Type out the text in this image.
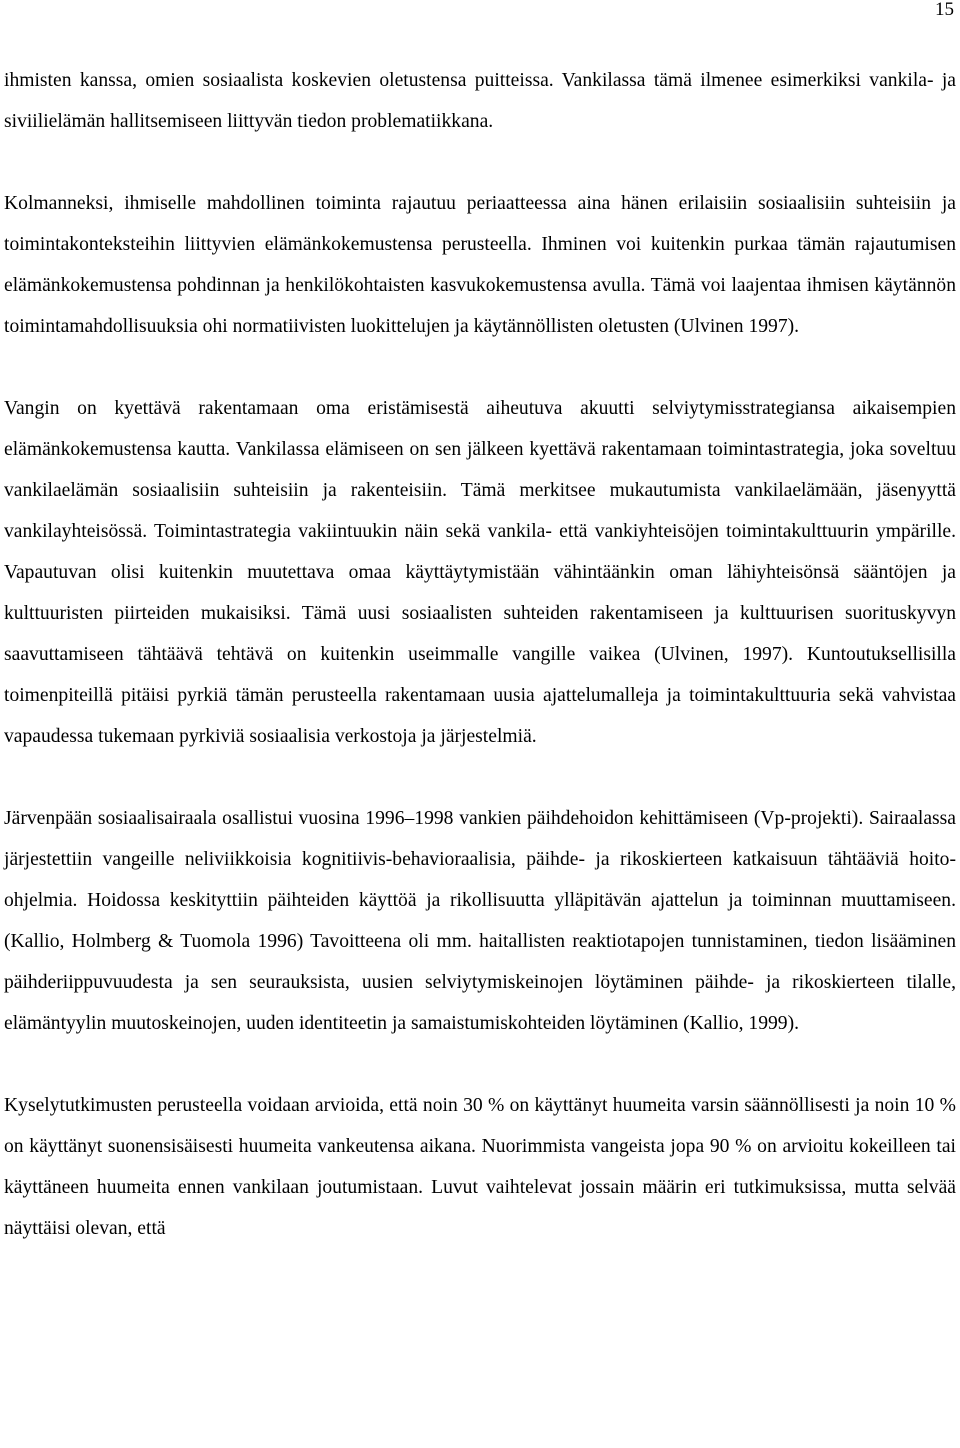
15

ihmisten kanssa, omien sosiaalista koskevien oletustensa puitteissa. Vankilassa tämä ilmenee esimerkiksi vankila- ja siviilielämän hallitsemiseen liittyvän tiedon problematiikkana.

Kolmanneksi, ihmiselle mahdollinen toiminta rajautuu periaatteessa aina hänen erilaisiin sosiaalisiin suhteisiin ja toimintakonteksteihin liittyvien elämänkokemustensa perusteella. Ihminen voi kuitenkin purkaa tämän rajautumisen elämänkokemustensa pohdinnan ja henkilökohtaisten kasvukokemustensa avulla. Tämä voi laajentaa ihmisen käytännön toimintamahdollisuuksia ohi normatiivisten luokittelujen ja käytännöllisten oletusten (Ulvinen 1997).

Vangin on kyettävä rakentamaan oma eristämisestä aiheutuva akuutti selviytymisstrategiansa aikaisempien elämänkokemustensa kautta. Vankilassa elämiseen on sen jälkeen kyettävä rakentamaan toimintastrategia, joka soveltuu vankilaelämän sosiaalisiin suhteisiin ja rakenteisiin. Tämä merkitsee mukautumista vankilaelämään, jäsenyyttä vankilayhteisössä. Toimintastrategia vakiintuukin näin sekä vankila- että vankiyhteisöjen toimintakulttuurin ympärille. Vapautuvan olisi kuitenkin muutettava omaa käyttäytymistään vähintäänkin oman lähiyhteisönsä sääntöjen ja kulttuuristen piirteiden mukaisiksi. Tämä uusi sosiaalisten suhteiden rakentamiseen ja kulttuurisen suorituskyvyn saavuttamiseen tähtäävä tehtävä on kuitenkin useimmalle vangille vaikea (Ulvinen, 1997). Kuntoutuksellisilla toimenpiteillä pitäisi pyrkiä tämän perusteella rakentamaan uusia ajattelumalleja ja toimintakulttuuria sekä vahvistaa vapaudessa tukemaan pyrkiviä sosiaalisia verkostoja ja järjestelmiä.

Järvenpään sosiaalisairaala osallistui vuosina 1996–1998 vankien päihdehoidon kehittämiseen (Vp-projekti). Sairaalassa järjestettiin vangeille neliviikkoisia kognitiivis-behavioraalisia, päihde- ja rikoskierteen katkaisuun tähtääviä hoito-ohjelmia. Hoidossa keskityttiin päihteiden käyttöä ja rikollisuutta ylläpitävän ajattelun ja toiminnan muuttamiseen. (Kallio, Holmberg & Tuomola 1996) Tavoitteena oli mm. haitallisten reaktiotapojen tunnistaminen, tiedon lisääminen päihderiippuvuudesta ja sen seurauksista, uusien selviytymiskeinojen löytäminen päihde- ja rikoskierteen tilalle, elämäntyylin muutoskeinojen, uuden identiteetin ja samaistumiskohteiden löytäminen (Kallio, 1999).

Kyselytutkimusten perusteella voidaan arvioida, että noin 30 % on käyttänyt huumeita varsin säännöllisesti ja noin 10 % on käyttänyt suonensisäisesti huumeita vankeutensa aikana. Nuorimmista vangeista jopa 90 % on arvioitu kokeilleen tai käyttäneen huumeita ennen vankilaan joutumistaan. Luvut vaihtelevat jossain määrin eri tutkimuksissa, mutta selvää näyttäisi olevan, että
